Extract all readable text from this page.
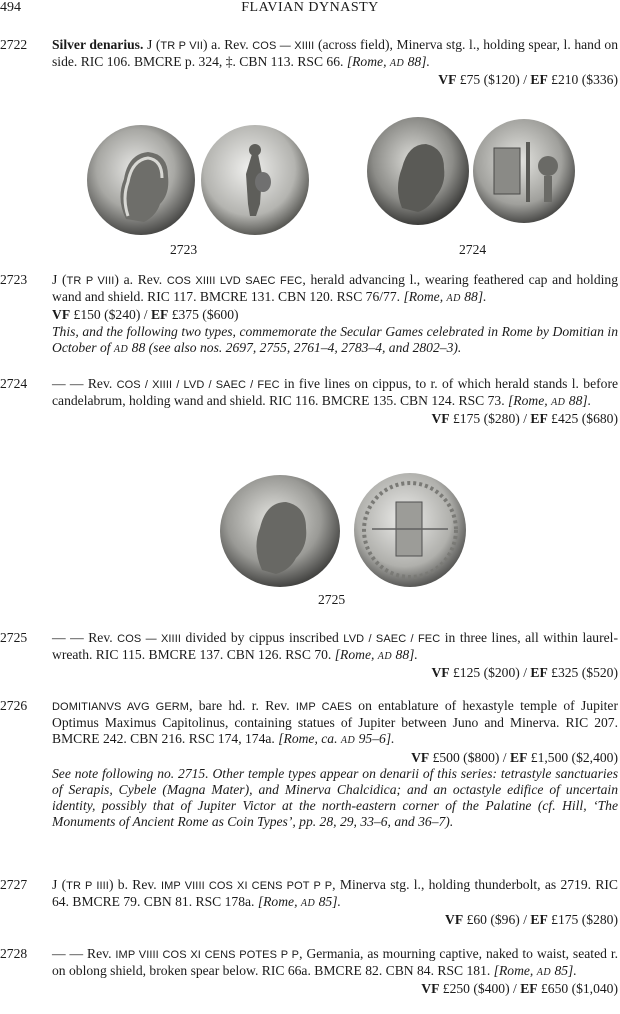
494	FLAVIAN DYNASTY
2722 Silver denarius. J (TR P VII) a. Rev. COS — XIIII (across field), Minerva stg. l., holding spear, l. hand on side. RIC 106. BMCRE p. 324, ‡. CBN 113. RSC 66. [Rome, AD 88].
VF £75 ($120) / EF £210 ($336)
2723	2724
2723 J (TR P VIII) a. Rev. COS XIIII LVD SAEC FEC, herald advancing l., wearing feathered cap and holding wand and shield. RIC 117. BMCRE 131. CBN 120. RSC 76/77. [Rome, AD 88].
VF £150 ($240) / EF £375 ($600)
This, and the following two types, commemorate the Secular Games celebrated in Rome by Domitian in October of AD 88 (see also nos. 2697, 2755, 2761–4, 2783–4, and 2802–3).
2724 — — Rev. COS / XIIII / LVD / SAEC / FEC in five lines on cippus, to r. of which herald stands l. before candelabrum, holding wand and shield. RIC 116. BMCRE 135. CBN 124. RSC 73. [Rome, AD 88].
VF £175 ($280) / EF £425 ($680)
2725
2725 — — Rev. COS — XIIII divided by cippus inscribed LVD / SAEC / FEC in three lines, all within laurel-wreath. RIC 115. BMCRE 137. CBN 126. RSC 70. [Rome, AD 88].
VF £125 ($200) / EF £325 ($520)
2726 DOMITIANVS AVG GERM, bare hd. r. Rev. IMP CAES on entablature of hexastyle temple of Jupiter Optimus Maximus Capitolinus, containing statues of Jupiter between Juno and Minerva. RIC 207. BMCRE 242. CBN 216. RSC 174, 174a. [Rome, ca. AD 95–6].
VF £500 ($800) / EF £1,500 ($2,400)
See note following no. 2715. Other temple types appear on denarii of this series: tetrastyle sanctuaries of Serapis, Cybele (Magna Mater), and Minerva Chalcidica; and an octastyle edifice of uncertain identity, possibly that of Jupiter Victor at the north-eastern corner of the Palatine (cf. Hill, ‘The Monuments of Ancient Rome as Coin Types’, pp. 28, 29, 33–6, and 36–7).
2727 J (TR P IIII) b. Rev. IMP VIIII COS XI CENS POT P P, Minerva stg. l., holding thunderbolt, as 2719. RIC 64. BMCRE 79. CBN 81. RSC 178a. [Rome, AD 85].
VF £60 ($96) / EF £175 ($280)
2728 — — Rev. IMP VIIII COS XI CENS POTES P P, Germania, as mourning captive, naked to waist, seated r. on oblong shield, broken spear below. RIC 66a. BMCRE 82. CBN 84. RSC 181. [Rome, AD 85].
VF £250 ($400) / EF £650 ($1,040)
